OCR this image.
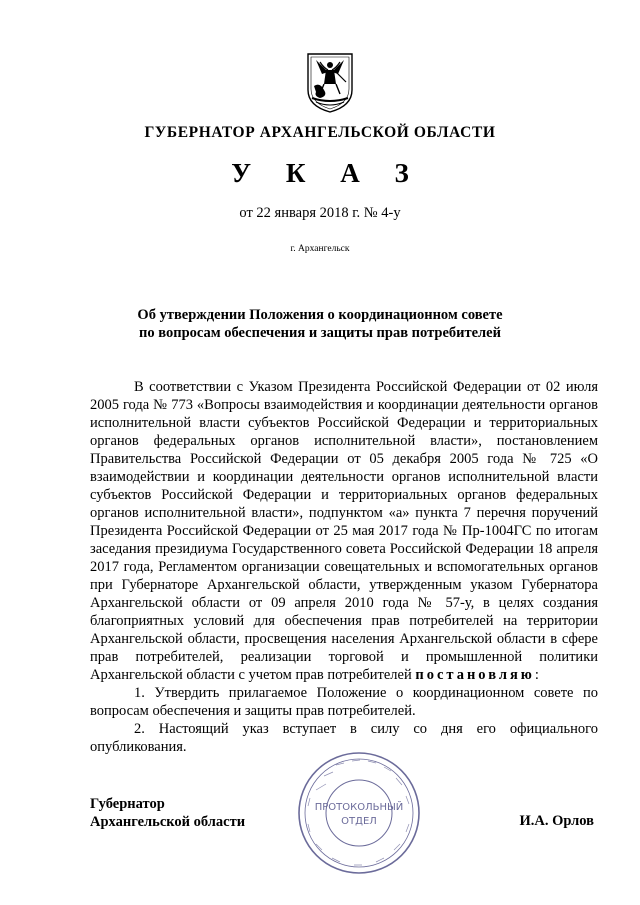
ГУБЕРНАТОР АРХАНГЕЛЬСКОЙ ОБЛАСТИ
У К А З
от 22 января 2018 г. № 4-у
г. Архангельск
Об утверждении Положения о координационном совете
по вопросам обеспечения и защиты прав потребителей

В соответствии с Указом Президента Российской Федерации от 02 июля 2005 года № 773 «Вопросы взаимодействия и координации деятельности органов исполнительной власти субъектов Российской Федерации и территориальных органов федеральных органов исполнительной власти», постановлением Правительства Российской Федерации от 05 декабря 2005 года № 725 «О взаимодействии и координации деятельности органов исполнительной власти субъектов Российской Федерации и территориальных органов федеральных органов исполнительной власти», подпунктом «а» пункта 7 перечня поручений Президента Российской Федерации от 25 мая 2017 года № Пр-1004ГС по итогам заседания президиума Государственного совета Российской Федерации 18 апреля 2017 года, Регламентом организации совещательных и вспомогательных органов при Губернаторе Архангельской области, утвержденным указом Губернатора Архангельской области от 09 апреля 2010 года № 57-у, в целях создания благоприятных условий для обеспечения прав потребителей на территории Архангельской области, просвещения населения Архангельской области в сфере прав потребителей, реализации торговой и промышленной политики Архангельской области с учетом прав потребителей постановляю:

1. Утвердить прилагаемое Положение о координационном совете по вопросам обеспечения и защиты прав потребителей.

2. Настоящий указ вступает в силу со дня его официального опубликования.

Губернатор
Архангельской области
ПРОТОКОЛЬНЫЙ
ОТДЕЛ	И.А. Орлов
